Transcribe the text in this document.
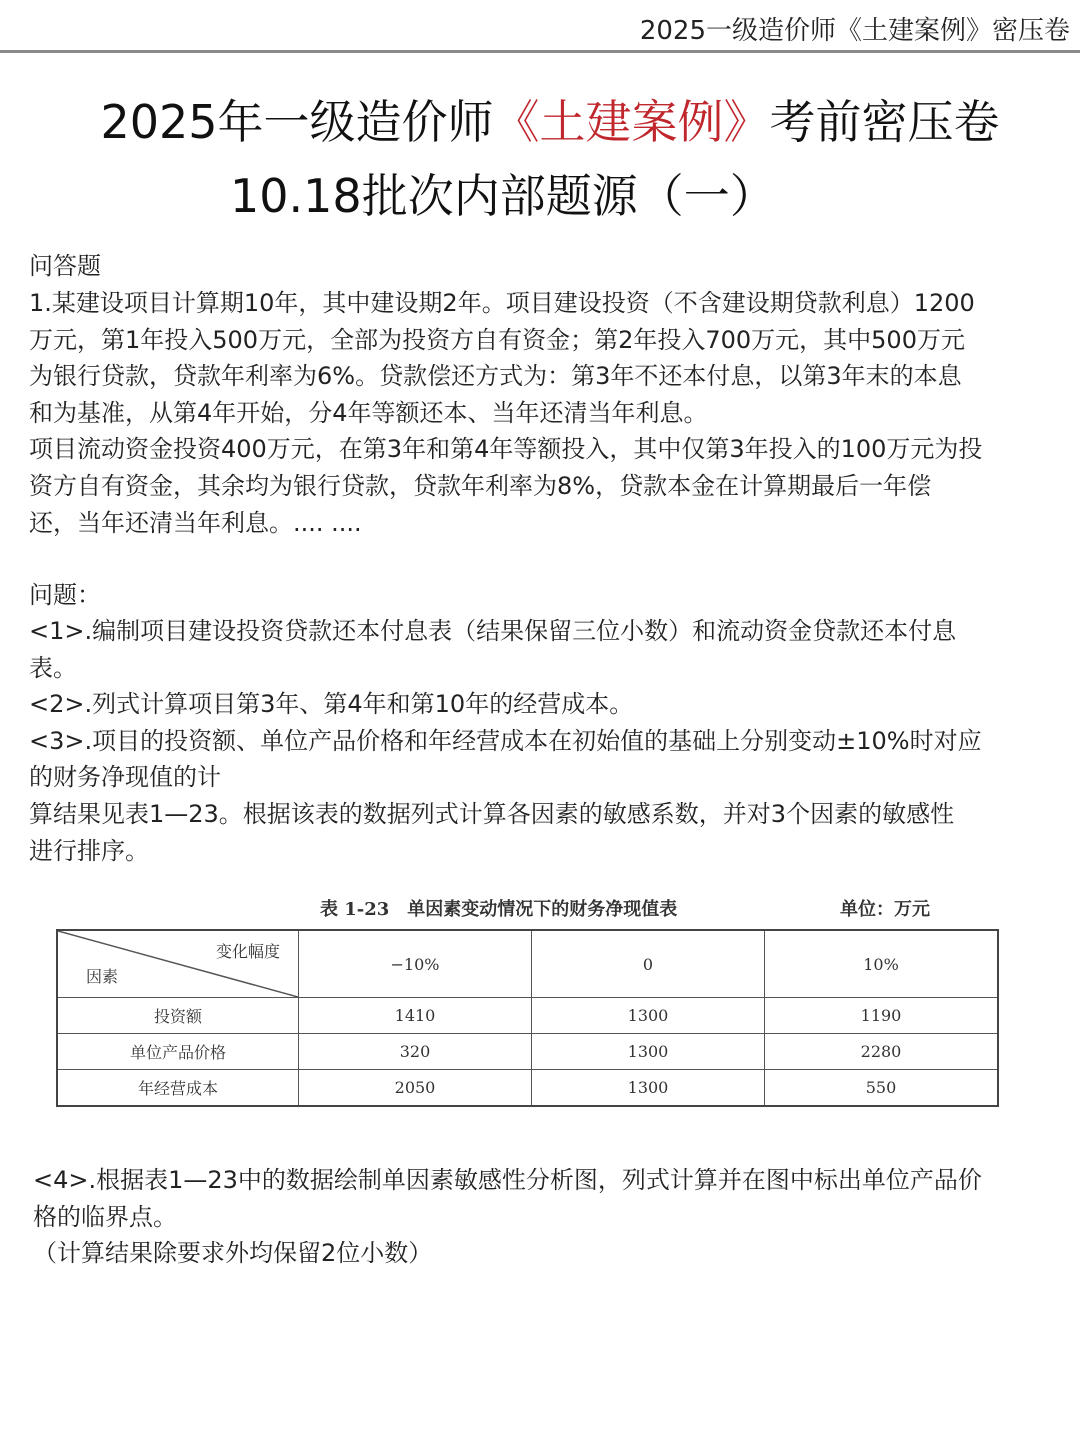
2025一级造价师《土建案例》密压卷
2025年一级造价师《土建案例》考前密压卷
10.18批次内部题源（一）
问答题
1.某建设项目计算期10年，其中建设期2年。项目建设投资（不含建设期贷款利息）1200
万元，第1年投入500万元，全部为投资方自有资金；第2年投入700万元，其中500万元
为银行贷款，贷款年利率为6%。贷款偿还方式为：第3年不还本付息，以第3年末的本息
和为基准，从第4年开始，分4年等额还本、当年还清当年利息。
项目流动资金投资400万元，在第3年和第4年等额投入，其中仅第3年投入的100万元为投
资方自有资金，其余均为银行贷款，贷款年利率为8%，贷款本金在计算期最后一年偿
还，当年还清当年利息。.... ....
问题：
<1>.编制项目建设投资贷款还本付息表（结果保留三位小数）和流动资金贷款还本付息
表。
<2>.列式计算项目第3年、第4年和第10年的经营成本。
<3>.项目的投资额、单位产品价格和年经营成本在初始值的基础上分别变动±10%时对应
的财务净现值的计
算结果见表1—23。根据该表的数据列式计算各因素的敏感系数，并对3个因素的敏感性
进行排序。
表 1-23　单因素变动情况下的财务净现值表	单位：万元
变化幅度
因素	−10%	0	10%
投资额	1410	1300	1190
单位产品价格	320	1300	2280
年经营成本	2050	1300	550
<4>.根据表1—23中的数据绘制单因素敏感性分析图，列式计算并在图中标出单位产品价
格的临界点。
（计算结果除要求外均保留2位小数）
